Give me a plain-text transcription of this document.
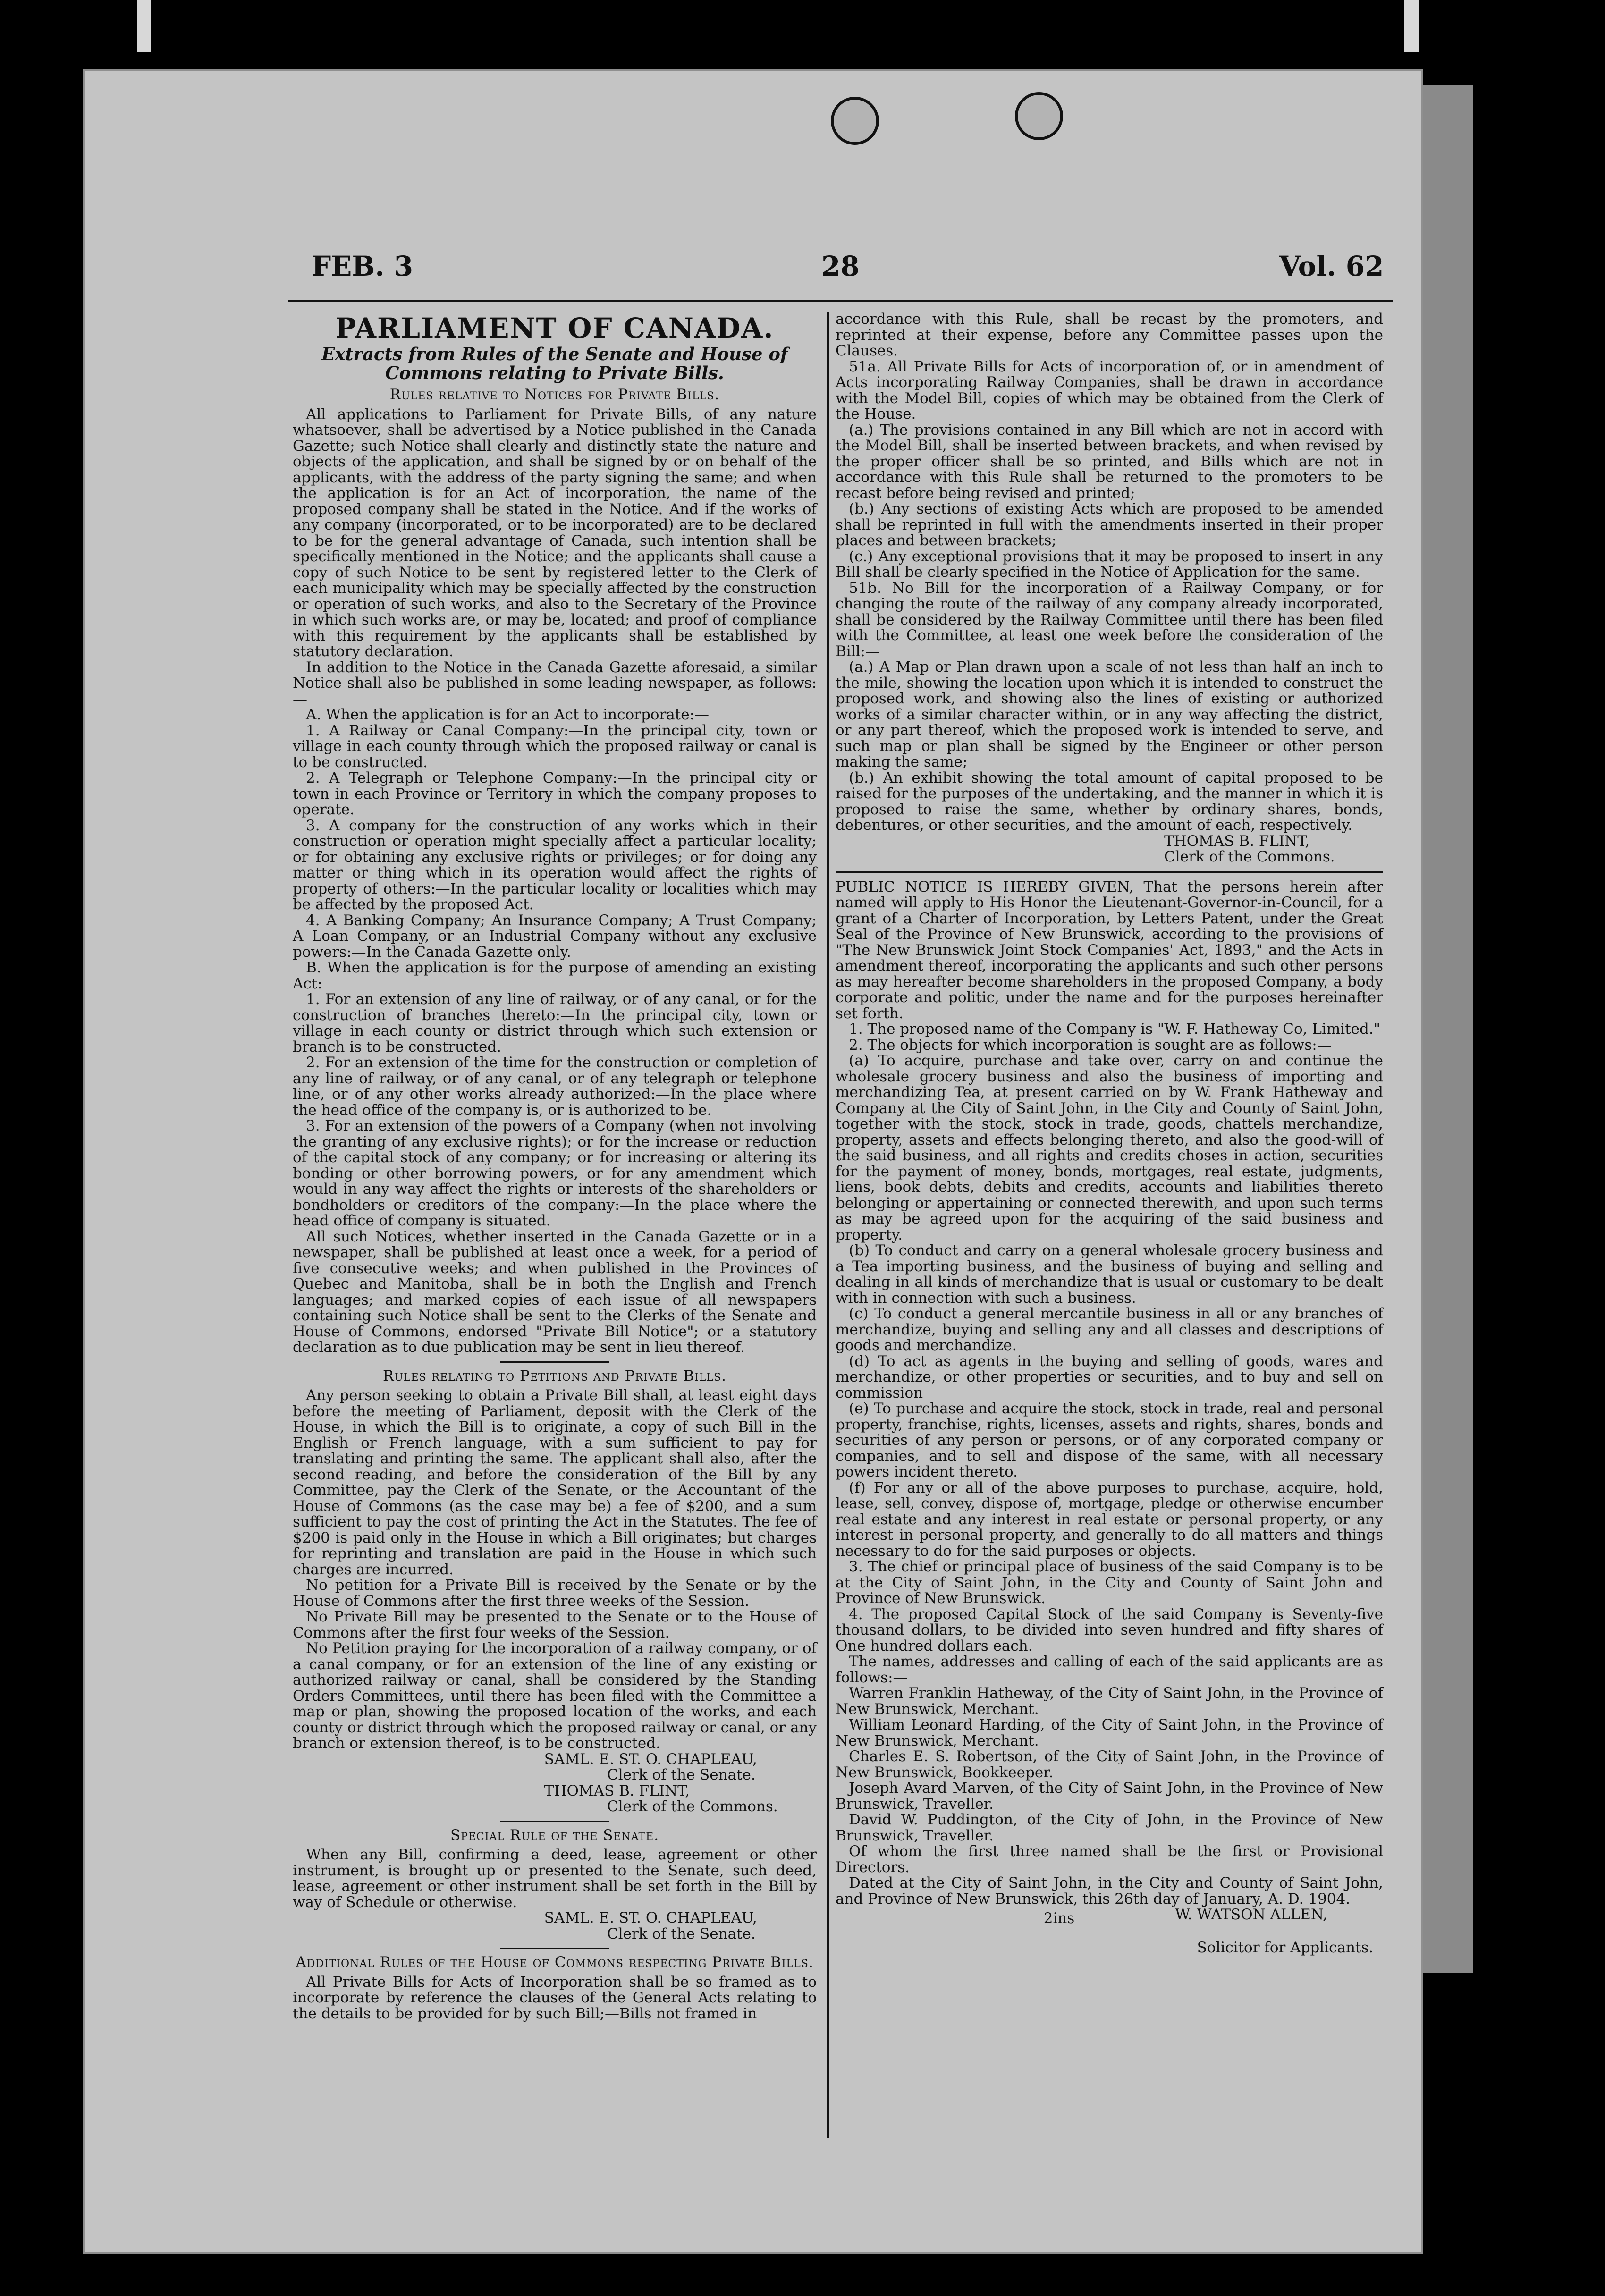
FEB. 3	28	Vol. 62

PARLIAMENT OF CANADA.

Extracts from Rules of the Senate and House of Commons relating to Private Bills.

Rules relative to Notices for Private Bills.

All applications to Parliament for Private Bills, of any nature whatsoever, shall be advertised by a Notice published in the Canada Gazette; such Notice shall clearly and distinctly state the nature and objects of the application, and shall be signed by or on behalf of the applicants, with the address of the party signing the same; and when the application is for an Act of incorporation, the name of the proposed company shall be stated in the Notice. And if the works of any company (incorporated, or to be incorporated) are to be declared to be for the general advantage of Canada, such intention shall be specifically mentioned in the Notice; and the applicants shall cause a copy of such Notice to be sent by registered letter to the Clerk of each municipality which may be specially affected by the construction or operation of such works, and also to the Secretary of the Province in which such works are, or may be, located; and proof of compliance with this requirement by the applicants shall be established by statutory declaration.

In addition to the Notice in the Canada Gazette aforesaid, a similar Notice shall also be published in some leading newspaper, as follows:—

A. When the application is for an Act to incorporate:—

1. A Railway or Canal Company:—In the principal city, town or village in each county through which the proposed railway or canal is to be constructed.

2. A Telegraph or Telephone Company:—In the principal city or town in each Province or Territory in which the company proposes to operate.

3. A company for the construction of any works which in their construction or operation might specially affect a particular locality; or for obtaining any exclusive rights or privileges; or for doing any matter or thing which in its operation would affect the rights of property of others:—In the particular locality or localities which may be affected by the proposed Act.

4. A Banking Company; An Insurance Company; A Trust Company; A Loan Company, or an Industrial Company without any exclusive powers:—In the Canada Gazette only.

B. When the application is for the purpose of amending an existing Act:

1. For an extension of any line of railway, or of any canal, or for the construction of branches thereto:—In the principal city, town or village in each county or district through which such extension or branch is to be constructed.

2. For an extension of the time for the construction or completion of any line of railway, or of any canal, or of any telegraph or telephone line, or of any other works already authorized:—In the place where the head office of the company is, or is authorized to be.

3. For an extension of the powers of a Company (when not involving the granting of any exclusive rights); or for the increase or reduction of the capital stock of any company; or for increasing or altering its bonding or other borrowing powers, or for any amendment which would in any way affect the rights or interests of the shareholders or bondholders or creditors of the company:—In the place where the head office of company is situated.

All such Notices, whether inserted in the Canada Gazette or in a newspaper, shall be published at least once a week, for a period of five consecutive weeks; and when published in the Provinces of Quebec and Manitoba, shall be in both the English and French languages; and marked copies of each issue of all newspapers containing such Notice shall be sent to the Clerks of the Senate and House of Commons, endorsed "Private Bill Notice"; or a statutory declaration as to due publication may be sent in lieu thereof.

Rules relating to Petitions and Private Bills.

Any person seeking to obtain a Private Bill shall, at least eight days before the meeting of Parliament, deposit with the Clerk of the House, in which the Bill is to originate, a copy of such Bill in the English or French language, with a sum sufficient to pay for translating and printing the same. The applicant shall also, after the second reading, and before the consideration of the Bill by any Committee, pay the Clerk of the Senate, or the Accountant of the House of Commons (as the case may be) a fee of $200, and a sum sufficient to pay the cost of printing the Act in the Statutes. The fee of $200 is paid only in the House in which a Bill originates; but charges for reprinting and translation are paid in the House in which such charges are incurred.

No petition for a Private Bill is received by the Senate or by the House of Commons after the first three weeks of the Session.

No Private Bill may be presented to the Senate or to the House of Commons after the first four weeks of the Session.

No Petition praying for the incorporation of a railway company, or of a canal company, or for an extension of the line of any existing or authorized railway or canal, shall be considered by the Standing Orders Committees, until there has been filed with the Committee a map or plan, showing the proposed location of the works, and each county or district through which the proposed railway or canal, or any branch or extension thereof, is to be constructed.

SAML. E. ST. O. CHAPLEAU,

Clerk of the Senate.

THOMAS B. FLINT,

Clerk of the Commons.

Special Rule of the Senate.

When any Bill, confirming a deed, lease, agreement or other instrument, is brought up or presented to the Senate, such deed, lease, agreement or other instrument shall be set forth in the Bill by way of Schedule or otherwise.

SAML. E. ST. O. CHAPLEAU,

Clerk of the Senate.

Additional Rules of the House of Commons respecting Private Bills.

All Private Bills for Acts of Incorporation shall be so framed as to incorporate by reference the clauses of the General Acts relating to the details to be provided for by such Bill;—Bills not framed in

accordance with this Rule, shall be recast by the promoters, and reprinted at their expense, before any Committee passes upon the Clauses.

51a. All Private Bills for Acts of incorporation of, or in amendment of Acts incorporating Railway Companies, shall be drawn in accordance with the Model Bill, copies of which may be obtained from the Clerk of the House.

(a.) The provisions contained in any Bill which are not in accord with the Model Bill, shall be inserted between brackets, and when revised by the proper officer shall be so printed, and Bills which are not in accordance with this Rule shall be returned to the promoters to be recast before being revised and printed;

(b.) Any sections of existing Acts which are proposed to be amended shall be reprinted in full with the amendments inserted in their proper places and between brackets;

(c.) Any exceptional provisions that it may be proposed to insert in any Bill shall be clearly specified in the Notice of Application for the same.

51b. No Bill for the incorporation of a Railway Company, or for changing the route of the railway of any company already incorporated, shall be considered by the Railway Committee until there has been filed with the Committee, at least one week before the consideration of the Bill:—

(a.) A Map or Plan drawn upon a scale of not less than half an inch to the mile, showing the location upon which it is intended to construct the proposed work, and showing also the lines of existing or authorized works of a similar character within, or in any way affecting the district, or any part thereof, which the proposed work is intended to serve, and such map or plan shall be signed by the Engineer or other person making the same;

(b.) An exhibit showing the total amount of capital proposed to be raised for the purposes of the undertaking, and the manner in which it is proposed to raise the same, whether by ordinary shares, bonds, debentures, or other securities, and the amount of each, respectively.

THOMAS B. FLINT,

Clerk of the Commons.

PUBLIC NOTICE IS HEREBY GIVEN, That the persons herein after named will apply to His Honor the Lieutenant-Governor-in-Council, for a grant of a Charter of Incorporation, by Letters Patent, under the Great Seal of the Province of New Brunswick, according to the provisions of "The New Brunswick Joint Stock Companies' Act, 1893," and the Acts in amendment thereof, incorporating the applicants and such other persons as may hereafter become shareholders in the proposed Company, a body corporate and politic, under the name and for the purposes hereinafter set forth.

1. The proposed name of the Company is "W. F. Hatheway Co, Limited."

2. The objects for which incorporation is sought are as follows:—

(a) To acquire, purchase and take over, carry on and continue the wholesale grocery business and also the business of importing and merchandizing Tea, at present carried on by W. Frank Hatheway and Company at the City of Saint John, in the City and County of Saint John, together with the stock, stock in trade, goods, chattels merchandize, property, assets and effects belonging thereto, and also the good-will of the said business, and all rights and credits choses in action, securities for the payment of money, bonds, mortgages, real estate, judgments, liens, book debts, debits and credits, accounts and liabilities thereto belonging or appertaining or connected therewith, and upon such terms as may be agreed upon for the acquiring of the said business and property.

(b) To conduct and carry on a general wholesale grocery business and a Tea importing business, and the business of buying and selling and dealing in all kinds of merchandize that is usual or customary to be dealt with in connection with such a business.

(c) To conduct a general mercantile business in all or any branches of merchandize, buying and selling any and all classes and descriptions of goods and merchandize.

(d) To act as agents in the buying and selling of goods, wares and merchandize, or other properties or securities, and to buy and sell on commission

(e) To purchase and acquire the stock, stock in trade, real and personal property, franchise, rights, licenses, assets and rights, shares, bonds and securities of any person or persons, or of any corporated company or companies, and to sell and dispose of the same, with all necessary powers incident thereto.

(f) For any or all of the above purposes to purchase, acquire, hold, lease, sell, convey, dispose of, mortgage, pledge or otherwise encumber real estate and any interest in real estate or personal property, or any interest in personal property, and generally to do all matters and things necessary to do for the said purposes or objects.

3. The chief or principal place of business of the said Company is to be at the City of Saint John, in the City and County of Saint John and Province of New Brunswick.

4. The proposed Capital Stock of the said Company is Seventy-five thousand dollars, to be divided into seven hundred and fifty shares of One hundred dollars each.

The names, addresses and calling of each of the said applicants are as follows:—

Warren Franklin Hatheway, of the City of Saint John, in the Province of New Brunswick, Merchant.

William Leonard Harding, of the City of Saint John, in the Province of New Brunswick, Merchant.

Charles E. S. Robertson, of the City of Saint John, in the Province of New Brunswick, Bookkeeper.

Joseph Avard Marven, of the City of Saint John, in the Province of New Brunswick, Traveller.

David W. Puddington, of the City of John, in the Province of New Brunswick, Traveller.

Of whom the first three named shall be the first or Provisional Directors.

Dated at the City of Saint John, in the City and County of Saint John, and Province of New Brunswick, this 26th day of January, A. D. 1904.

2ins	W. WATSON ALLEN,

Solicitor for Applicants.
